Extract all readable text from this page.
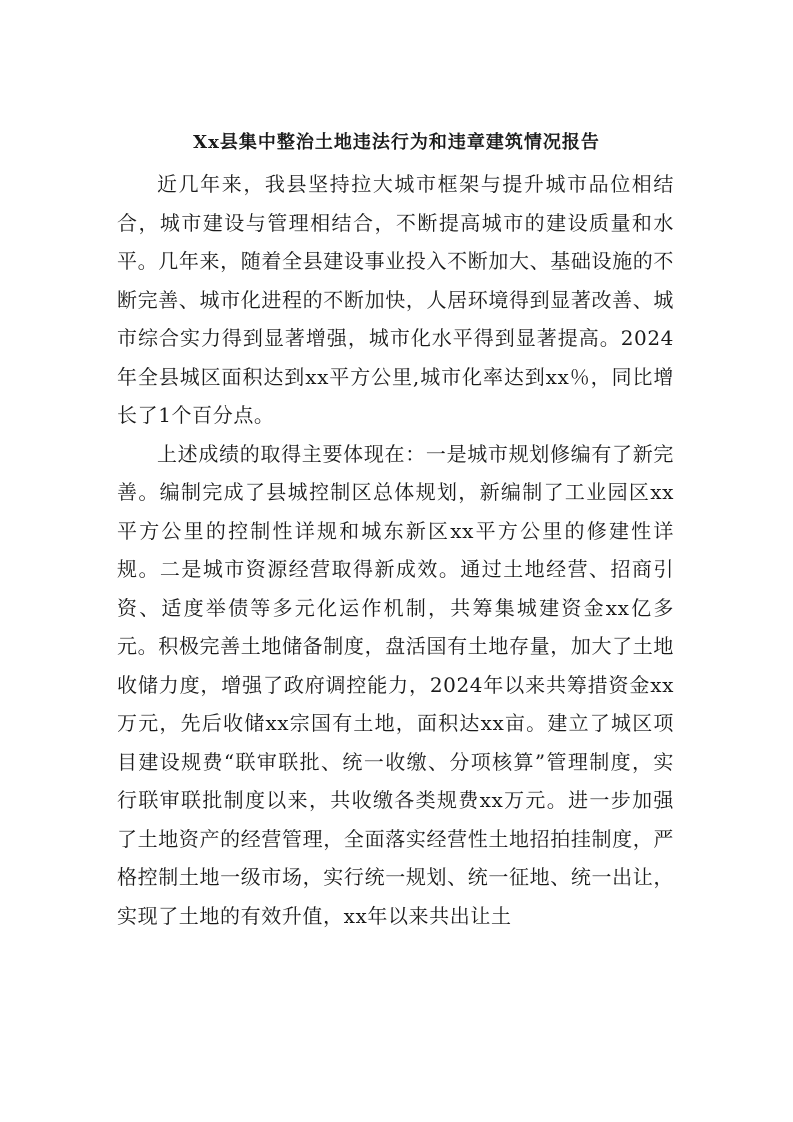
Xx县集中整治土地违法行为和违章建筑情况报告

近几年来，我县坚持拉大城市框架与提升城市品位相结合，城市建设与管理相结合，不断提高城市的建设质量和水平。几年来，随着全县建设事业投入不断加大、基础设施的不断完善、城市化进程的不断加快，人居环境得到显著改善、城市综合实力得到显著增强，城市化水平得到显著提高。2024年全县城区面积达到xx平方公里,城市化率达到xx％，同比增长了1个百分点。

上述成绩的取得主要体现在：一是城市规划修编有了新完善。编制完成了县城控制区总体规划，新编制了工业园区xx平方公里的控制性详规和城东新区xx平方公里的修建性详规。二是城市资源经营取得新成效。通过土地经营、招商引资、适度举债等多元化运作机制，共筹集城建资金xx亿多元。积极完善土地储备制度，盘活国有土地存量，加大了土地收储力度，增强了政府调控能力，2024年以来共筹措资金xx万元，先后收储xx宗国有土地，面积达xx亩。建立了城区项目建设规费“联审联批、统一收缴、分项核算”管理制度，实行联审联批制度以来，共收缴各类规费xx万元。进一步加强了土地资产的经营管理，全面落实经营性土地招拍挂制度，严格控制土地一级市场，实行统一规划、统一征地、统一出让，实现了土地的有效升值，xx年以来共出让土
